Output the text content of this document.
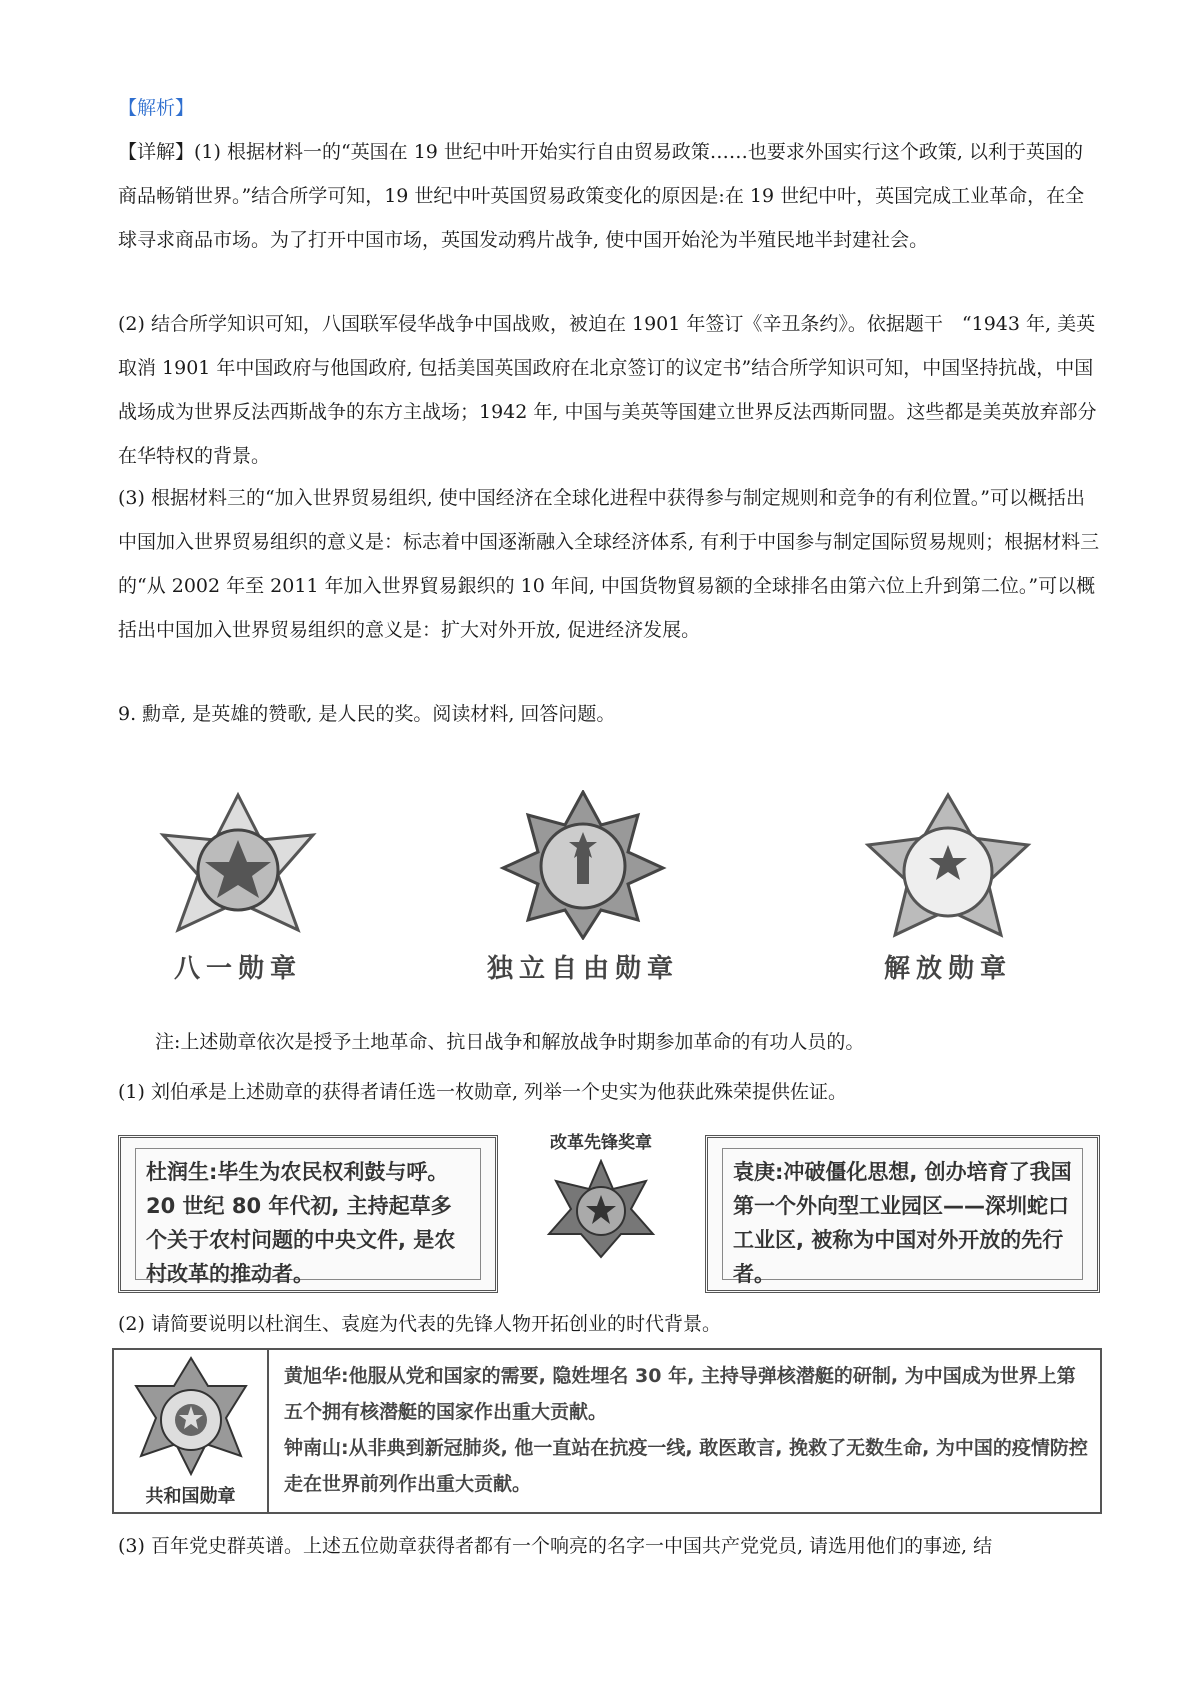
【解析】

【详解】(1) 根据材料一的“英国在 19 世纪中叶开始实行自由贸易政策……也要求外国实行这个政策, 以利于英国的商品畅销世界。”结合所学可知，19 世纪中叶英国贸易政策变化的原因是:在 19 世纪中叶，英国完成工业革命，在全球寻求商品市场。为了打开中国市场，英国发动鸦片战争, 使中国开始沦为半殖民地半封建社会。

(2) 结合所学知识可知，八国联军侵华战争中国战败，被迫在 1901 年签订《辛丑条约》。依据题干　“1943 年, 美英取消 1901 年中国政府与他国政府, 包括美国英国政府在北京签订的议定书”结合所学知识可知，中国坚持抗战，中国战场成为世界反法西斯战争的东方主战场；1942 年, 中国与美英等国建立世界反法西斯同盟。这些都是美英放弃部分在华特权的背景。

(3) 根据材料三的“加入世界贸易组织, 使中国经济在全球化进程中获得参与制定规则和竞争的有利位置。”可以概括出中国加入世界贸易组织的意义是：标志着中国逐渐融入全球经济体系, 有利于中国参与制定国际贸易规则；根据材料三的“从 2002 年至 2011 年加入世界貿易銀织的 10 年间, 中国货物貿易额的全球排名由第六位上升到第二位。”可以概括出中国加入世界贸易组织的意义是：扩大对外开放, 促进经济发展。

9. 勳章, 是英雄的赞歌, 是人民的奖。阅读材料, 回答问题。

八一勋章	独立自由勋章	解放勋章
注:上述勋章依次是授予土地革命、抗日战争和解放战争时期参加革命的有功人员的。

(1) 刘伯承是上述勋章的获得者请任选一枚勋章, 列举一个史实为他获此殊荣提供佐证。

杜润生:毕生为农民权利鼓与呼。20 世纪 80 年代初, 主持起草多个关于农村问题的中央文件, 是农村改革的推动者。
改革先锋奖章
袁庚:冲破僵化思想, 创办培育了我国第一个外向型工业园区——深圳蛇口工业区, 被称为中国对外开放的先行者。

(2) 请简要说明以杜润生、袁庭为代表的先锋人物开拓创业的时代背景。

共和国勋章
黄旭华:他服从党和国家的需要, 隐姓埋名 30 年, 主持导弹核潜艇的研制, 为中国成为世界上第五个拥有核潜艇的国家作出重大贡献。
钟南山:从非典到新冠肺炎, 他一直站在抗疫一线, 敢医敢言, 挽救了无数生命, 为中国的疫情防控走在世界前列作出重大贡献。

(3) 百年党史群英谱。上述五位勋章获得者都有一个响亮的名字一中国共产党党员, 请选用他们的事迹, 结
